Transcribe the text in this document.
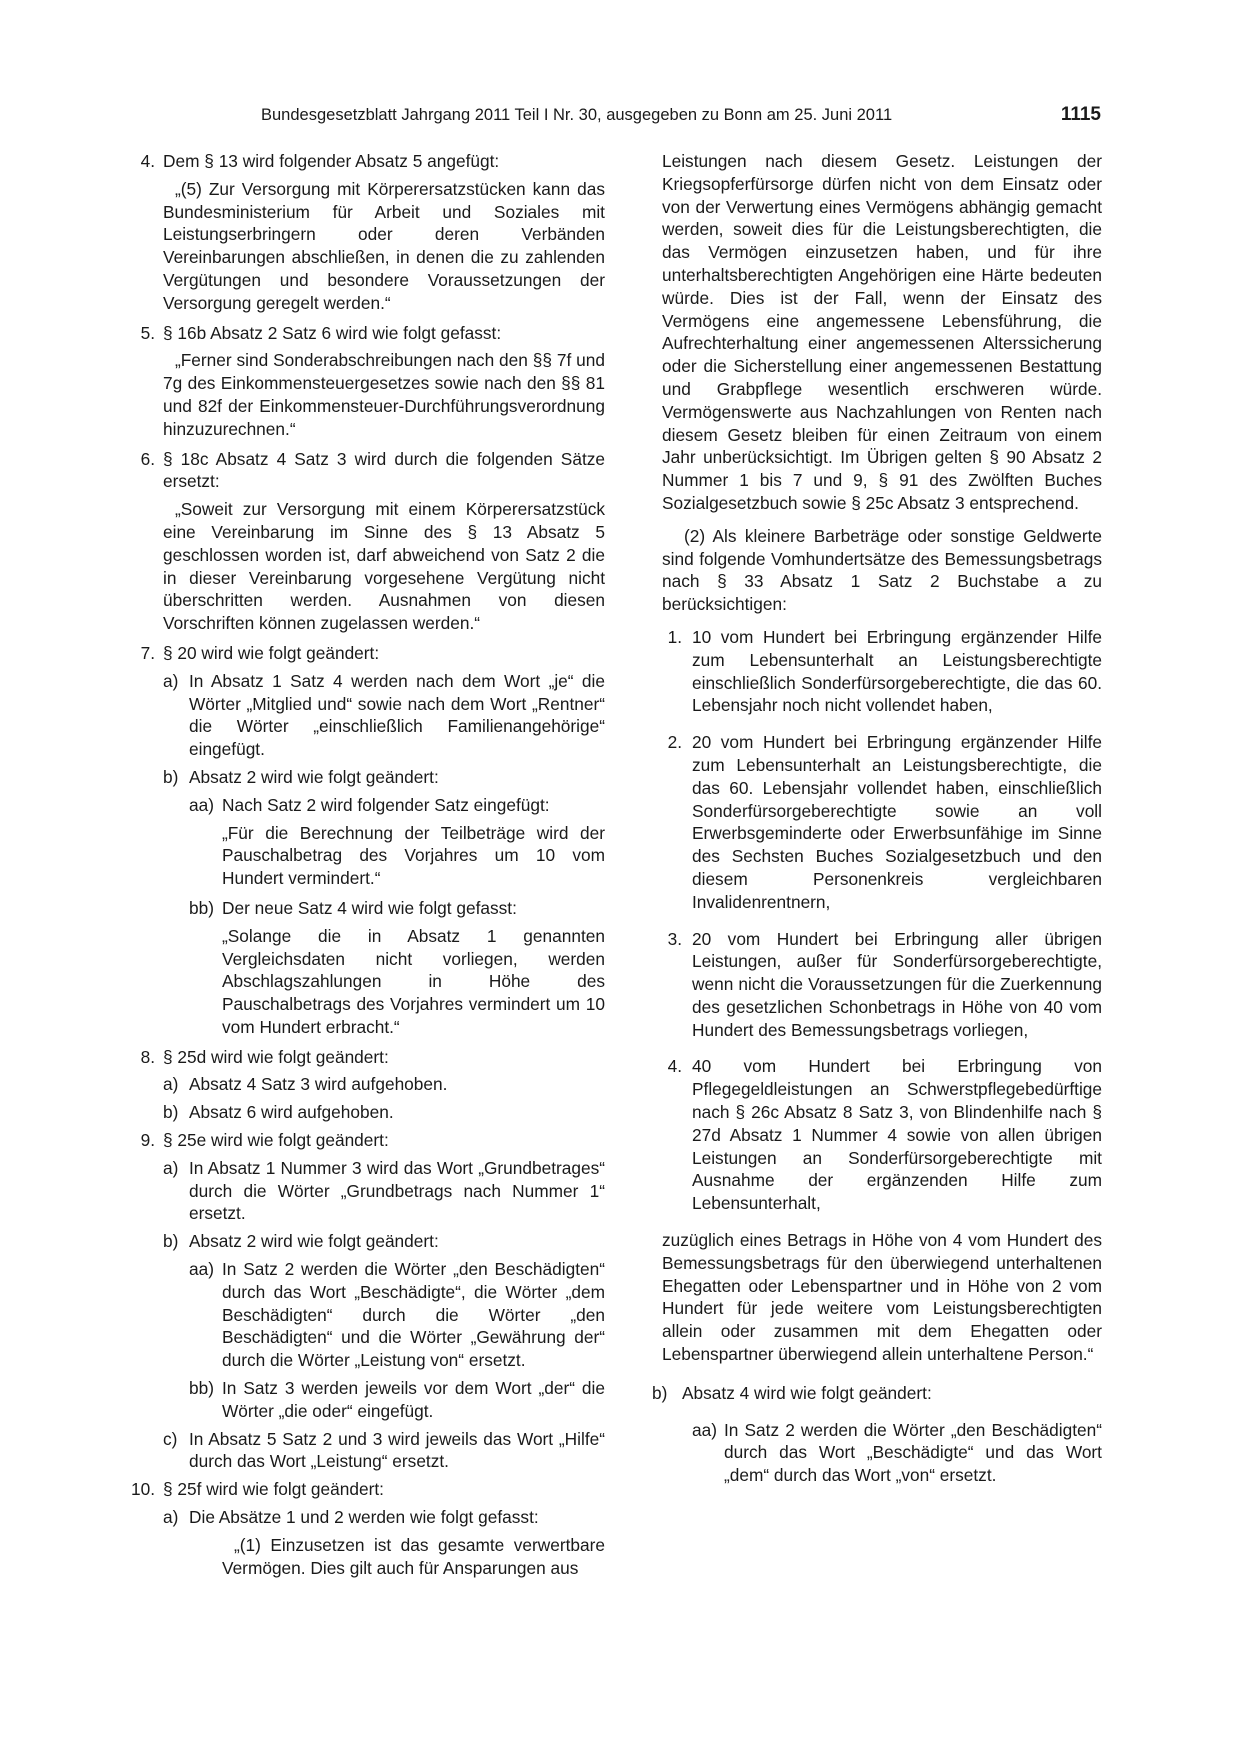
Bundesgesetzblatt Jahrgang 2011 Teil I Nr. 30, ausgegeben zu Bonn am 25. Juni 2011	1115
4. Dem § 13 wird folgender Absatz 5 angefügt:
„(5) Zur Versorgung mit Körperersatzstücken kann das Bundesministerium für Arbeit und Soziales mit Leistungserbringern oder deren Verbänden Vereinbarungen abschließen, in denen die zu zahlenden Vergütungen und besondere Voraussetzungen der Versorgung geregelt werden.“
5. § 16b Absatz 2 Satz 6 wird wie folgt gefasst:
„Ferner sind Sonderabschreibungen nach den §§ 7f und 7g des Einkommensteuergesetzes sowie nach den §§ 81 und 82f der Einkommensteuer-Durchführungsverordnung hinzuzurechnen.“
6. § 18c Absatz 4 Satz 3 wird durch die folgenden Sätze ersetzt:
„Soweit zur Versorgung mit einem Körperersatzstück eine Vereinbarung im Sinne des § 13 Absatz 5 geschlossen worden ist, darf abweichend von Satz 2 die in dieser Vereinbarung vorgesehene Vergütung nicht überschritten werden. Ausnahmen von diesen Vorschriften können zugelassen werden.“
7. § 20 wird wie folgt geändert:
a) In Absatz 1 Satz 4 werden nach dem Wort „je“ die Wörter „Mitglied und“ sowie nach dem Wort „Rentner“ die Wörter „einschließlich Familienangehörige“ eingefügt.
b) Absatz 2 wird wie folgt geändert:
aa) Nach Satz 2 wird folgender Satz eingefügt:
„Für die Berechnung der Teilbeträge wird der Pauschalbetrag des Vorjahres um 10 vom Hundert vermindert.“
bb) Der neue Satz 4 wird wie folgt gefasst:
„Solange die in Absatz 1 genannten Vergleichsdaten nicht vorliegen, werden Abschlagszahlungen in Höhe des Pauschalbetrags des Vorjahres vermindert um 10 vom Hundert erbracht.“
8. § 25d wird wie folgt geändert:
a) Absatz 4 Satz 3 wird aufgehoben.
b) Absatz 6 wird aufgehoben.
9. § 25e wird wie folgt geändert:
a) In Absatz 1 Nummer 3 wird das Wort „Grundbetrages“ durch die Wörter „Grundbetrags nach Nummer 1“ ersetzt.
b) Absatz 2 wird wie folgt geändert:
aa) In Satz 2 werden die Wörter „den Beschädigten“ durch das Wort „Beschädigte“, die Wörter „dem Beschädigten“ durch die Wörter „den Beschädigten“ und die Wörter „Gewährung der“ durch die Wörter „Leistung von“ ersetzt.
bb) In Satz 3 werden jeweils vor dem Wort „der“ die Wörter „die oder“ eingefügt.
c) In Absatz 5 Satz 2 und 3 wird jeweils das Wort „Hilfe“ durch das Wort „Leistung“ ersetzt.
10. § 25f wird wie folgt geändert:
a) Die Absätze 1 und 2 werden wie folgt gefasst:
„(1) Einzusetzen ist das gesamte verwertbare Vermögen. Dies gilt auch für Ansparungen aus
Leistungen nach diesem Gesetz. Leistungen der Kriegsopferfürsorge dürfen nicht von dem Einsatz oder von der Verwertung eines Vermögens abhängig gemacht werden, soweit dies für die Leistungsberechtigten, die das Vermögen einzusetzen haben, und für ihre unterhaltsberechtigten Angehörigen eine Härte bedeuten würde. Dies ist der Fall, wenn der Einsatz des Vermögens eine angemessene Lebensführung, die Aufrechterhaltung einer angemessenen Alterssicherung oder die Sicherstellung einer angemessenen Bestattung und Grabpflege wesentlich erschweren würde. Vermögenswerte aus Nachzahlungen von Renten nach diesem Gesetz bleiben für einen Zeitraum von einem Jahr unberücksichtigt. Im Übrigen gelten § 90 Absatz 2 Nummer 1 bis 7 und 9, § 91 des Zwölften Buches Sozialgesetzbuch sowie § 25c Absatz 3 entsprechend.
(2) Als kleinere Barbeträge oder sonstige Geldwerte sind folgende Vomhundertsätze des Bemessungsbetrags nach § 33 Absatz 1 Satz 2 Buchstabe a zu berücksichtigen:
1. 10 vom Hundert bei Erbringung ergänzender Hilfe zum Lebensunterhalt an Leistungsberechtigte einschließlich Sonderfürsorgeberechtigte, die das 60. Lebensjahr noch nicht vollendet haben,
2. 20 vom Hundert bei Erbringung ergänzender Hilfe zum Lebensunterhalt an Leistungsberechtigte, die das 60. Lebensjahr vollendet haben, einschließlich Sonderfürsorgeberechtigte sowie an voll Erwerbsgeminderte oder Erwerbsunfähige im Sinne des Sechsten Buches Sozialgesetzbuch und den diesem Personenkreis vergleichbaren Invalidenrentnern,
3. 20 vom Hundert bei Erbringung aller übrigen Leistungen, außer für Sonderfürsorgeberechtigte, wenn nicht die Voraussetzungen für die Zuerkennung des gesetzlichen Schonbetrags in Höhe von 40 vom Hundert des Bemessungsbetrags vorliegen,
4. 40 vom Hundert bei Erbringung von Pflegegeldleistungen an Schwerstpflegebedürftige nach § 26c Absatz 8 Satz 3, von Blindenhilfe nach § 27d Absatz 1 Nummer 4 sowie von allen übrigen Leistungen an Sonderfürsorgeberechtigte mit Ausnahme der ergänzenden Hilfe zum Lebensunterhalt,
zuzüglich eines Betrags in Höhe von 4 vom Hundert des Bemessungsbetrags für den überwiegend unterhaltenen Ehegatten oder Lebenspartner und in Höhe von 2 vom Hundert für jede weitere vom Leistungsberechtigten allein oder zusammen mit dem Ehegatten oder Lebenspartner überwiegend allein unterhaltene Person.“
b) Absatz 4 wird wie folgt geändert:
aa) In Satz 2 werden die Wörter „den Beschädigten“ durch das Wort „Beschädigte“ und das Wort „dem“ durch das Wort „von“ ersetzt.
